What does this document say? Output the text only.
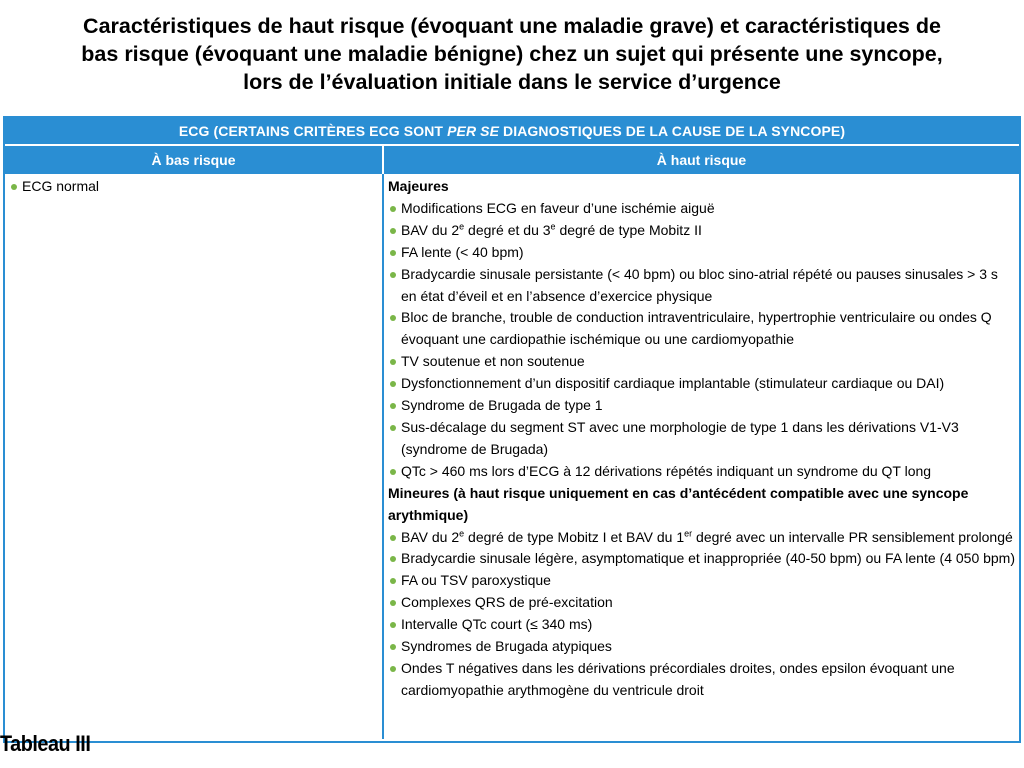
Caractéristiques de haut risque (évoquant une maladie grave) et caractéristiques de
bas risque (évoquant une maladie bénigne) chez un sujet qui présente une syncope,
lors de l’évaluation initiale dans le service d’urgence
ECG (CERTAINS CRITÈRES ECG SONT
PER SE
DIAGNOSTIQUES DE LA CAUSE DE LA SYNCOPE)
À bas risque	À haut risque
ECG normal	Majeures
Modifications ECG en faveur d’une ischémie aiguë
BAV du 2e degré et du 3e degré de type Mobitz II
FA lente (< 40 bpm)
Bradycardie sinusale persistante (< 40 bpm) ou bloc sino-atrial répété ou pauses sinusales > 3 s en état d’éveil et en l’absence d’exercice physique
Bloc de branche, trouble de conduction intraventriculaire, hypertrophie ventriculaire ou ondes Q évoquant une cardiopathie ischémique ou une cardiomyopathie
TV soutenue et non soutenue
Dysfonctionnement d’un dispositif cardiaque implantable (stimulateur cardiaque ou DAI)
Syndrome de Brugada de type 1
Sus-décalage du segment ST avec une morphologie de type 1 dans les dérivations V1-V3 (syndrome de Brugada)
QTc > 460 ms lors d’ECG à 12 dérivations répétés indiquant un syndrome du QT long
Mineures (à haut risque uniquement en cas d’antécédent compatible avec une syncope arythmique)
BAV du 2e degré de type Mobitz I et BAV du 1er degré avec un intervalle PR sensiblement prolongé
Bradycardie sinusale légère, asymptomatique et inappropriée (40-50 bpm) ou FA lente (4 050 bpm)
FA ou TSV paroxystique
Complexes QRS de pré-excitation
Intervalle QTc court (≤ 340 ms)
Syndromes de Brugada atypiques
Ondes T négatives dans les dérivations précordiales droites, ondes epsilon évoquant une cardiomyopathie arythmogène du ventricule droit
Tableau III
